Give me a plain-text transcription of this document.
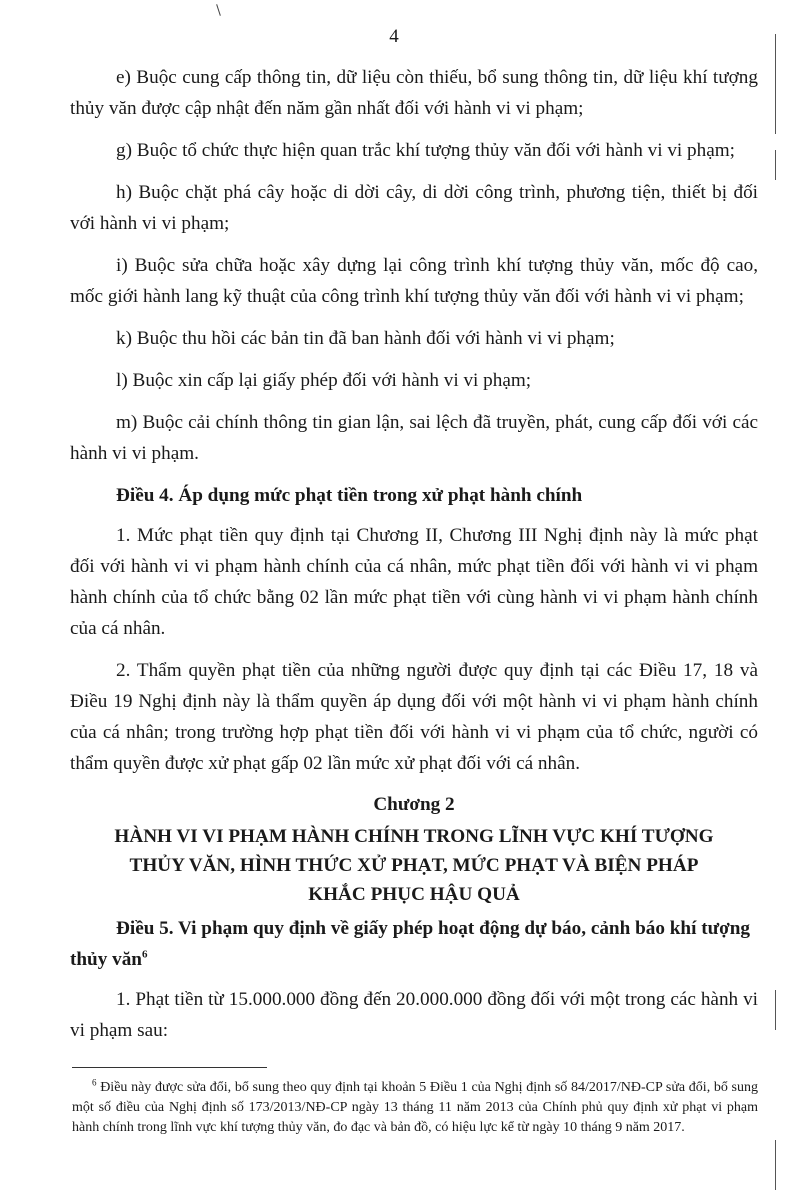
4

e) Buộc cung cấp thông tin, dữ liệu còn thiếu, bổ sung thông tin, dữ liệu khí tượng thủy văn được cập nhật đến năm gần nhất đối với hành vi vi phạm;

g) Buộc tổ chức thực hiện quan trắc khí tượng thủy văn đối với hành vi vi phạm;

h) Buộc chặt phá cây hoặc di dời cây, di dời công trình, phương tiện, thiết bị đối với hành vi vi phạm;

i) Buộc sửa chữa hoặc xây dựng lại công trình khí tượng thủy văn, mốc độ cao, mốc giới hành lang kỹ thuật của công trình khí tượng thủy văn đối với hành vi vi phạm;

k) Buộc thu hồi các bản tin đã ban hành đối với hành vi vi phạm;

l) Buộc xin cấp lại giấy phép đối với hành vi vi phạm;

m) Buộc cải chính thông tin gian lận, sai lệch đã truyền, phát, cung cấp đối với các hành vi vi phạm.

Điều 4. Áp dụng mức phạt tiền trong xử phạt hành chính

1. Mức phạt tiền quy định tại Chương II, Chương III Nghị định này là mức phạt đối với hành vi vi phạm hành chính của cá nhân, mức phạt tiền đối với hành vi vi phạm hành chính của tổ chức bằng 02 lần mức phạt tiền với cùng hành vi vi phạm hành chính của cá nhân.

2. Thẩm quyền phạt tiền của những người được quy định tại các Điều 17, 18 và Điều 19 Nghị định này là thẩm quyền áp dụng đối với một hành vi vi phạm hành chính của cá nhân; trong trường hợp phạt tiền đối với hành vi vi phạm của tổ chức, người có thẩm quyền được xử phạt gấp 02 lần mức xử phạt đối với cá nhân.

Chương 2
HÀNH VI VI PHẠM HÀNH CHÍNH TRONG LĨNH VỰC KHÍ TƯỢNG THỦY VĂN, HÌNH THỨC XỬ PHẠT, MỨC PHẠT VÀ BIỆN PHÁP KHẮC PHỤC HẬU QUẢ

Điều 5. Vi phạm quy định về giấy phép hoạt động dự báo, cảnh báo khí tượng thủy văn$^6$

1. Phạt tiền từ 15.000.000 đồng đến 20.000.000 đồng đối với một trong các hành vi vi phạm sau:

$^6$ Điều này được sửa đổi, bổ sung theo quy định tại khoản 5 Điều 1 của Nghị định số 84/2017/NĐ-CP sửa đổi, bổ sung một số điều của Nghị định số 173/2013/NĐ-CP ngày 13 tháng 11 năm 2013 của Chính phủ quy định xử phạt vi phạm hành chính trong lĩnh vực khí tượng thủy văn, đo đạc và bản đồ, có hiệu lực kể từ ngày 10 tháng 9 năm 2017.
